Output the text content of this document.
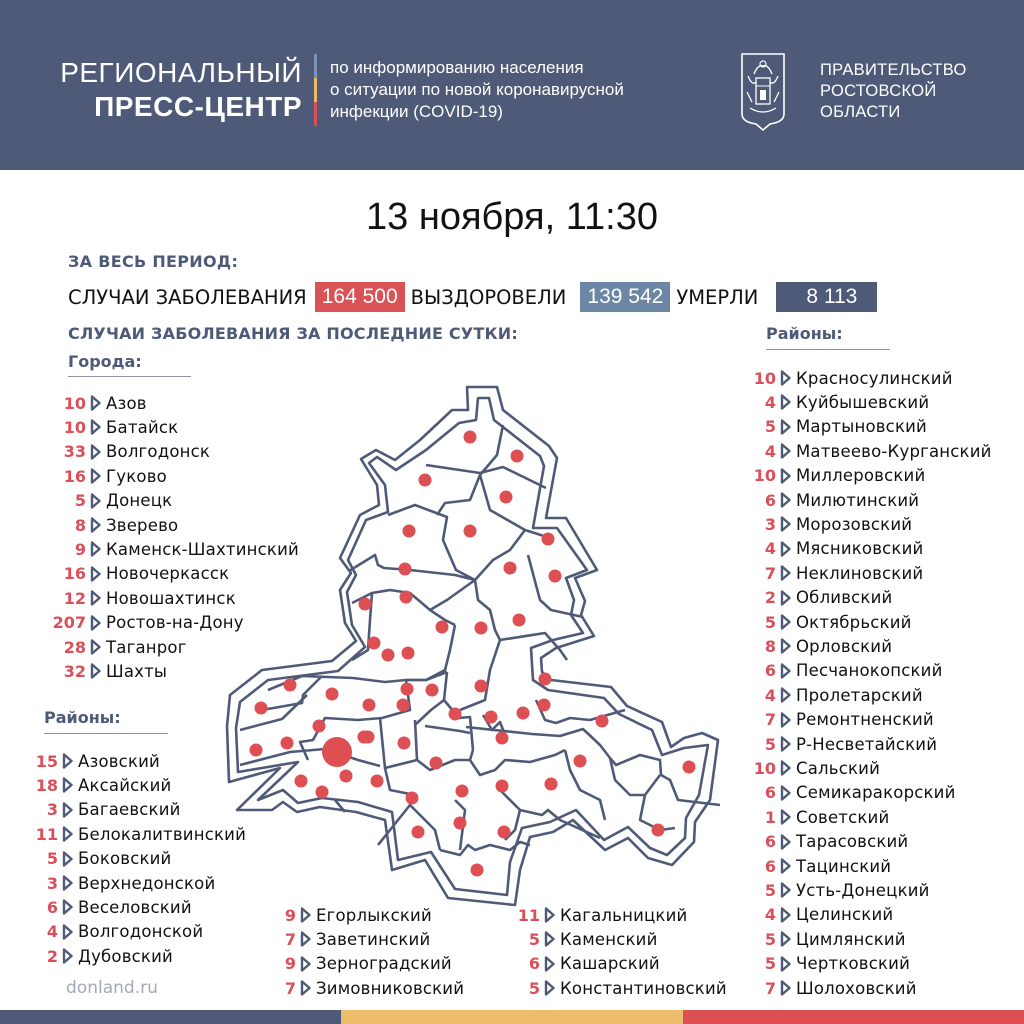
РЕГИОНАЛЬНЫЙ
ПРЕСС-ЦЕНТР
по информированию населения
о ситуации по новой коронавирусной
инфекции (COVID-19)
ПРАВИТЕЛЬСТВО
РОСТОВСКОЙ
ОБЛАСТИ
13 ноября, 11:30
ЗА ВЕСЬ ПЕРИОД:
СЛУЧАИ ЗАБОЛЕВАНИЯ 164 500 ВЫЗДОРОВЕЛИ	139 542 УМЕРЛИ	8 113
СЛУЧАИ ЗАБОЛЕВАНИЯ ЗА ПОСЛЕДНИЕ СУТКИ:
Города:
Районы:
Районы:
10 Азов
10 Батайск
33 Волгодонск
16 Гуково
5 Донецк
8 Зверево
9 Каменск-Шахтинский
16 Новочеркасск
12 Новошахтинск
207 Ростов-на-Дону
28 Таганрог
32 Шахты
15 Азовский
18 Аксайский
3 Багаевский
11 Белокалитвинский
5 Боковский
3 Верхнедонской
6 Веселовский
4 Волгодонской
2 Дубовский
9 Егорлыкский
7 Заветинский
9 Зерноградский
7 Зимовниковский
11 Кагальницкий
5 Каменский
6 Кашарский
5 Константиновский
10 Красносулинский
4 Куйбышевский
5 Мартыновский
4 Матвеево-Курганский
10 Миллеровский
6 Милютинский
3 Морозовский
4 Мясниковский
7 Неклиновский
2 Обливский
5 Октябрьский
8 Орловский
6 Песчанокопский
4 Пролетарский
7 Ремонтненский
5 Р-Несветайский
10 Сальский
6 Семикаракорский
1 Советский
6 Тарасовский
6 Тацинский
5 Усть-Донецкий
4 Целинский
5 Цимлянский
5 Чертковский
7 Шолоховский
donland.ru
